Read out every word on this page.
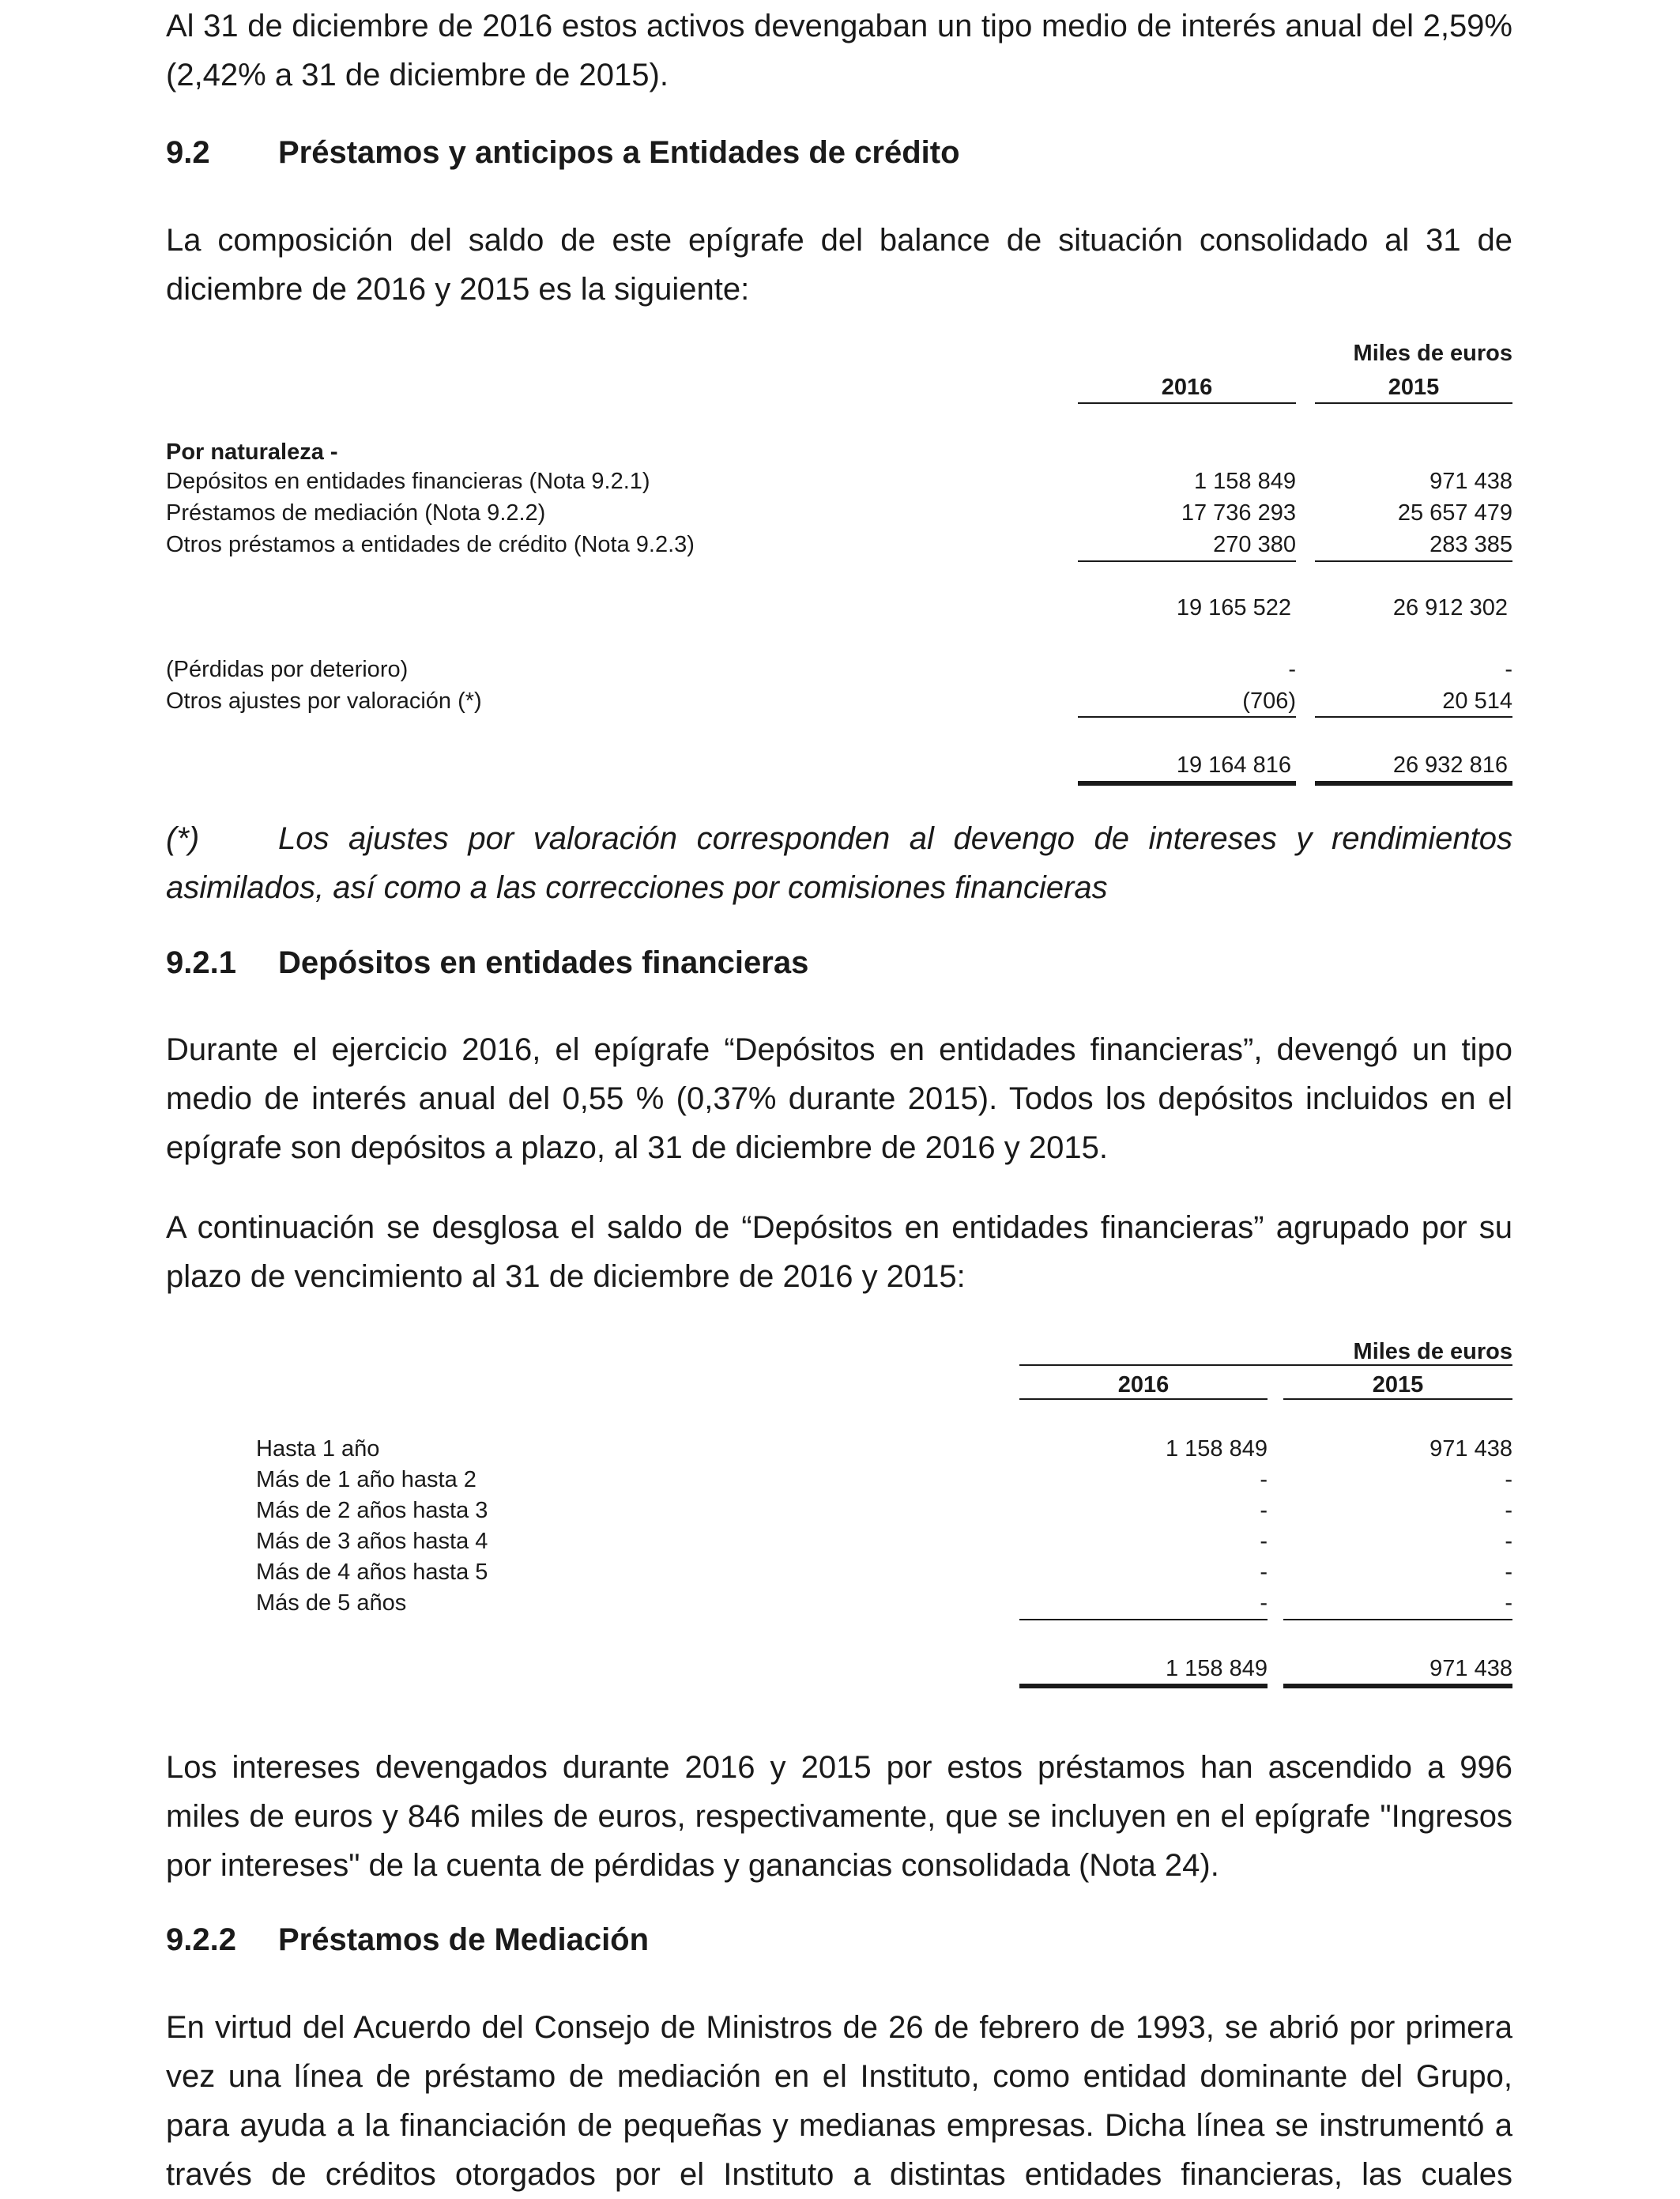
Al 31 de diciembre de 2016 estos activos devengaban un tipo medio de interés anual del 2,59% (2,42% a 31 de diciembre de 2015).
9.2 Préstamos y anticipos a Entidades de crédito
La composición del saldo de este epígrafe del balance de situación consolidado al 31 de diciembre de 2016 y 2015 es la siguiente:
Miles de euros
2016	2015
Por naturaleza -
Depósitos en entidades financieras (Nota 9.2.1)	1 158 849	971 438
Préstamos de mediación (Nota 9.2.2)	17 736 293	25 657 479
Otros préstamos a entidades de crédito (Nota 9.2.3)	270 380	283 385
19 165 522	26 912 302
(Pérdidas por deterioro)	-	-
Otros ajustes por valoración (*)	(706)	20 514
19 164 816	26 932 816
(*) Los ajustes por valoración corresponden al devengo de intereses y rendimientos asimilados, así como a las correcciones por comisiones financieras
9.2.1 Depósitos en entidades financieras
Durante el ejercicio 2016, el epígrafe “Depósitos en entidades financieras”, devengó un tipo medio de interés anual del 0,55 % (0,37% durante 2015). Todos los depósitos incluidos en el epígrafe son depósitos a plazo, al 31 de diciembre de 2016 y 2015.
A continuación se desglosa el saldo de “Depósitos en entidades financieras” agrupado por su plazo de vencimiento al 31 de diciembre de 2016 y 2015:
Miles de euros
2016	2015
Hasta 1 año	1 158 849	971 438
Más de 1 año hasta 2	-	-
Más de 2 años hasta 3	-	-
Más de 3 años hasta 4	-	-
Más de 4 años hasta 5	-	-
Más de 5 años	-	-
1 158 849	971 438
Los intereses devengados durante 2016 y 2015 por estos préstamos han ascendido a 996 miles de euros y 846 miles de euros, respectivamente, que se incluyen en el epígrafe "Ingresos por intereses" de la cuenta de pérdidas y ganancias consolidada (Nota 24).
9.2.2 Préstamos de Mediación
En virtud del Acuerdo del Consejo de Ministros de 26 de febrero de 1993, se abrió por primera vez una línea de préstamo de mediación en el Instituto, como entidad dominante del Grupo, para ayuda a la financiación de pequeñas y medianas empresas. Dicha línea se instrumentó a través de créditos otorgados por el Instituto a distintas entidades financieras, las cuales
